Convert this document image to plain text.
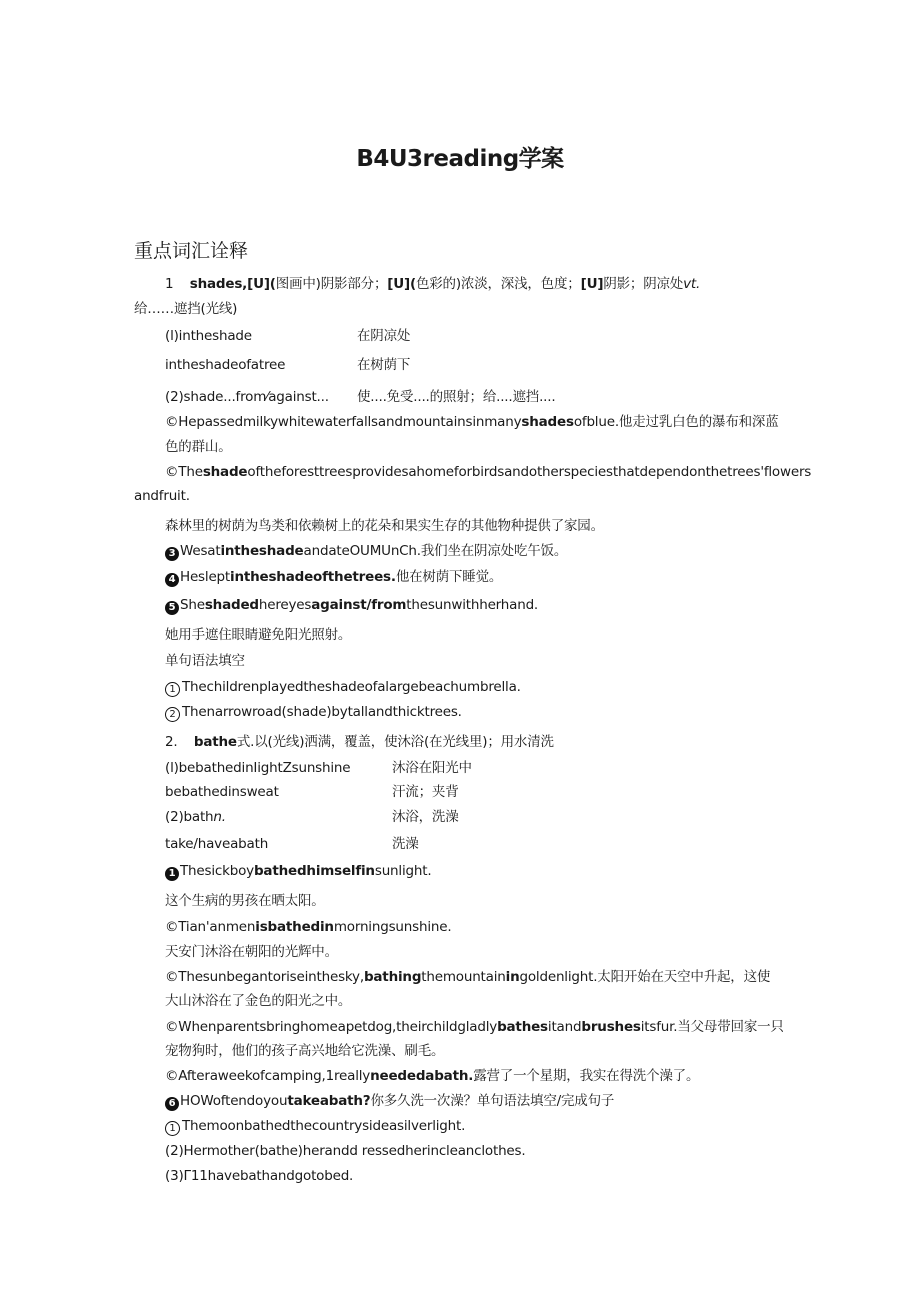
B4U3reading学案
重点词汇诠释
1 shades,[U](图画中)阴影部分；[U](色彩的)浓淡，深浅，色度；[U]阴影；阴凉处vt.
给……遮挡(光线)
(l)intheshade	在阴凉处
intheshadeofatree	在树荫下
(2)shade...from⁄against... 使....免受....的照射；给....遮挡....
©Hepassedmilkywhitewaterfallsandmountainsinmanyshadesofblue.他走过乳白色的瀑布和深蓝
色的群山。
©Theshadeoftheforesttreesprovidesahomeforbirdsandotherspeciesthatdependonthetrees'flowers
andfruit.
森林里的树荫为鸟类和依赖树上的花朵和果实生存的其他物种提供了家园。
3 WesatintheshadeandateOUMUnCh.我们坐在阴凉处吃午饭。
4 Hesleptintheshadeofthetrees.他在树荫下睡觉。
5 Sheshadedhereyesagainst/fromthesunwithherhand.
她用手遮住眼睛避免阳光照射。
单句语法填空
1 Thechildrenplayedtheshadeofalargebeachumbrella.
2 Thenarrowroad(shade)bytallandthicktrees.
2. bathe式.以(光线)洒满，覆盖，使沐浴(在光线里)；用水清洗
(l)bebathedinIightZsunshine	沐浴在阳光中
bebathedinsweat	汗流；夹背
(2)bathn.	沐浴，洗澡
take/haveabath	洗澡
1 Thesickboybathedhimselfinsunlight.
这个生病的男孩在晒太阳。
©Tian'anmenisbathedinmorningsunshine.
天安门沐浴在朝阳的光辉中。
©Thesunbegantoriseinthesky,bathingthemountainingoldenlight.太阳开始在天空中升起，这使
大山沐浴在了金色的阳光之中。
©Whenparentsbringhomeapetdog,theirchildgladlybathesitandbrushesitsfur.当父母带回家一只
宠物狗时，他们的孩子高兴地给它洗澡、刷毛。
©Afteraweekofcamping,1reallyneededabath.露营了一个星期，我实在得洗个澡了。
6 HOWoftendoyoutakeabath?你多久洗一次澡？单句语法填空/完成句子
1 Themoonbathedthecountrysideasilverlight.
(2)Hermother(bathe)herandd ressedherincleanclothes.
(3)Γ11havebathandgotobed.
